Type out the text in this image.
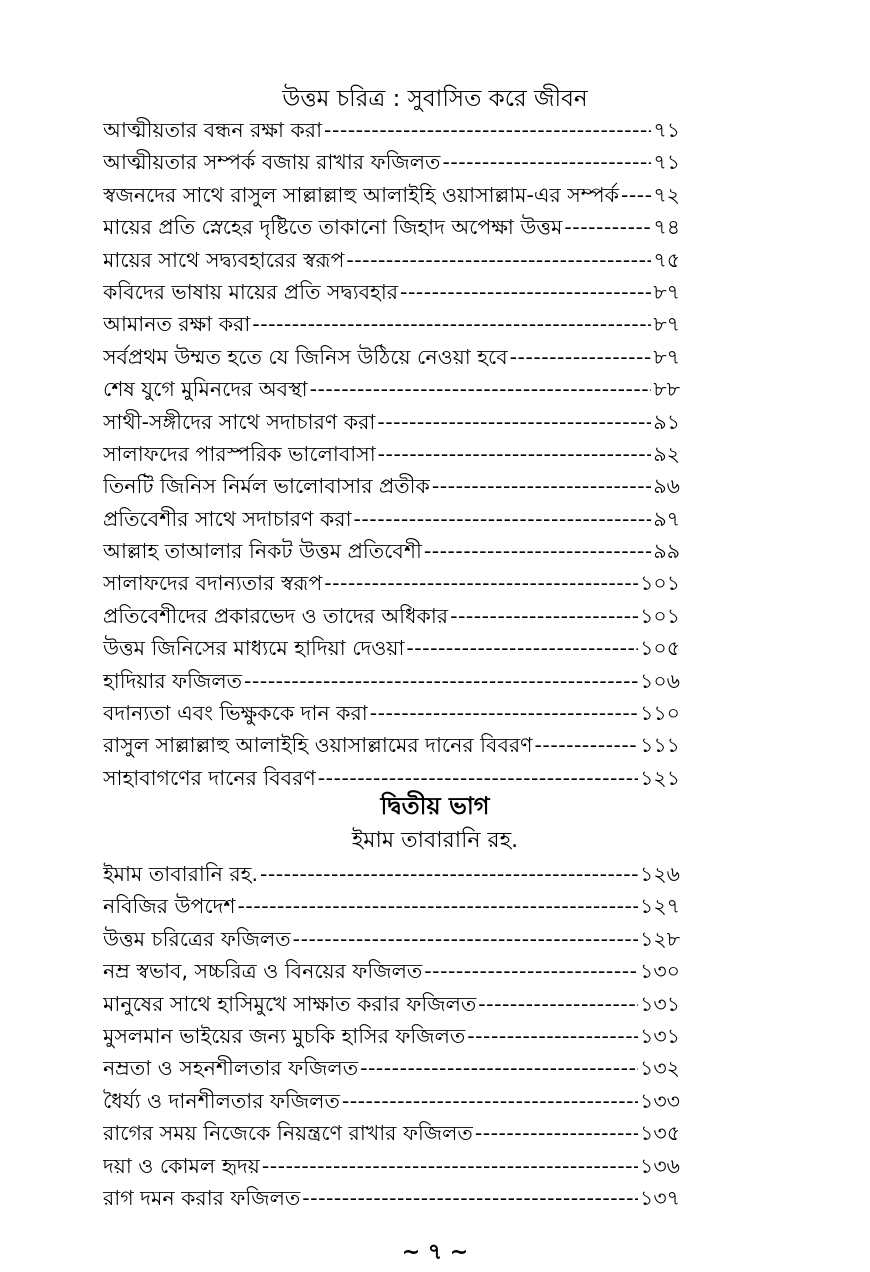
উত্তম চরিত্র : সুবাসিত করে জীবন
আত্মীয়তার বন্ধন রক্ষা করা -----	৭১
আত্মীয়তার সম্পর্ক বজায় রাখার ফজিলত -----	৭১
স্বজনদের সাথে রাসুল সাল্লাল্লাহু আলাইহি ওয়াসাল্লাম-এর সম্পর্ক ----- ৭২
মায়ের প্রতি স্নেহের দৃষ্টিতে তাকানো জিহাদ অপেক্ষা উত্তম -----	৭৪
মায়ের সাথে সদ্ব্যবহারের স্বরূপ -----	৭৫
কবিদের ভাষায় মায়ের প্রতি সদ্ব্যবহার -----	৮৭
আমানত রক্ষা করা -----	৮৭
সর্বপ্রথম উম্মত হতে যে জিনিস উঠিয়ে নেওয়া হবে -----	৮৭
শেষ যুগে মুমিনদের অবস্থা -----	৮৮
সাথী-সঙ্গীদের সাথে সদাচারণ করা -----	৯১
সালাফদের পারস্পরিক ভালোবাসা -----	৯২
তিনটি জিনিস নির্মল ভালোবাসার প্রতীক -----	৯৬
প্রতিবেশীর সাথে সদাচারণ করা -----	৯৭
আল্লাহ তাআলার নিকট উত্তম প্রতিবেশী -----	৯৯
সালাফদের বদান্যতার স্বরূপ -----	১০১
প্রতিবেশীদের প্রকারভেদ ও তাদের অধিকার -----	১০১
উত্তম জিনিসের মাধ্যমে হাদিয়া দেওয়া -----	১০৫
হাদিয়ার ফজিলত -----	১০৬
বদান্যতা এবং ভিক্ষুককে দান করা -----	১১০
রাসুল সাল্লাল্লাহু আলাইহি ওয়াসাল্লামের দানের বিবরণ -----	১১১
সাহাবাগণের দানের বিবরণ -----	১২১
দ্বিতীয় ভাগ
ইমাম তাবারানি রহ.
ইমাম তাবারানি রহ. -----	১২৬
নবিজির উপদেশ -----	১২৭
উত্তম চরিত্রের ফজিলত -----	১২৮
নম্র স্বভাব, সচ্চরিত্র ও বিনয়ের ফজিলত -----	১৩০
মানুষের সাথে হাসিমুখে সাক্ষাত করার ফজিলত -----	১৩১
মুসলমান ভাইয়ের জন্য মুচকি হাসির ফজিলত -----	১৩১
নম্রতা ও সহনশীলতার ফজিলত -----	১৩২
ধৈর্য্য ও দানশীলতার ফজিলত -----	১৩৩
রাগের সময় নিজেকে নিয়ন্ত্রণে রাখার ফজিলত -----	১৩৫
দয়া ও কোমল হৃদয় -----	১৩৬
রাগ দমন করার ফজিলত -----	১৩৭
~ ৭ ~
